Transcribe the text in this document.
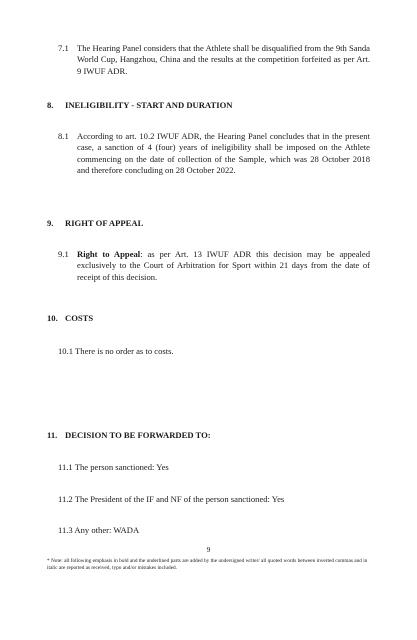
7.1 The Hearing Panel considers that the Athlete shall be disqualified from the 9th Sanda World Cup, Hangzhou, China and the results at the competition forfeited as per Art. 9 IWUF ADR.
8. INELIGIBILITY - START AND DURATION
8.1 According to art. 10.2 IWUF ADR, the Hearing Panel concludes that in the present case, a sanction of 4 (four) years of ineligibility shall be imposed on the Athlete commencing on the date of collection of the Sample, which was 28 October 2018 and therefore concluding on 28 October 2022.
9. RIGHT OF APPEAL
9.1 Right to Appeal: as per Art. 13 IWUF ADR this decision may be appealed exclusively to the Court of Arbitration for Sport within 21 days from the date of receipt of this decision.
10. COSTS
10.1 There is no order as to costs.
11. DECISION TO BE FORWARDED TO:
11.1 The person sanctioned: Yes
11.2 The President of the IF and NF of the person sanctioned: Yes
11.3 Any other: WADA
9
* Note: all following emphasis in bold and the underlined parts are added by the undersigned writer/ all quoted words between inverted commas and in italic are reported as received, typo and/or mistakes included.
